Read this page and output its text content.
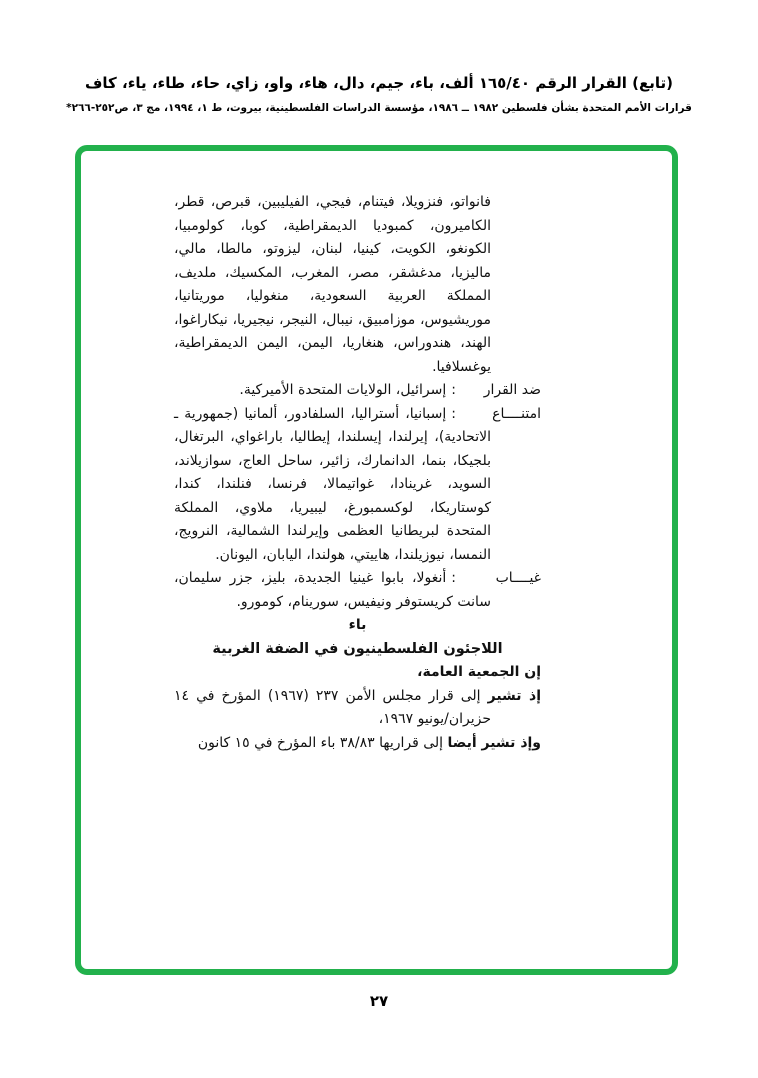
(تابع) القرار الرقم ١٦٥/٤٠ ألف، باء، جيم، دال، هاء، واو، زاي، حاء، طاء، ياء، كاف
قرارات الأمم المتحدة بشأن فلسطين ١٩٨٢ ــ ١٩٨٦، مؤسسة الدراسات الفلسطينية، بيروت، ط ١، ١٩٩٤، مج ٣، ص٢٥٢-٢٦٦*

فانواتو، فنزويلا، فيتنام، فيجي، الفيليبين، قبرص، قطر، الكاميرون، كمبوديا الديمقراطية، كوبا، كولومبيا، الكونغو، الكويت، كينيا، لبنان، ليزوتو، مالطا، مالي، ماليزيا، مدغشقر، مصر، المغرب، المكسيك، ملديف، المملكة العربية السعودية، منغوليا، موريتانيا، موريشيوس، موزامبيق، نيبال، النيجر، نيجيريا، نيكاراغوا، الهند، هندوراس، هنغاريا، اليمن، اليمن الديمقراطية، يوغسلافيا.

ضد القرار:إسرائيل، الولايات المتحدة الأميركية.

امتنــــاع:إسبانيا، أستراليا، السلفادور، ألمانيا (جمهورية ـ الاتحادية)، إيرلندا، إيسلندا، إيطاليا، باراغواي، البرتغال، بلجيكا، بنما، الدانمارك، زائير، ساحل العاج، سوازيلاند، السويد، غرينادا، غواتيمالا، فرنسا، فنلندا، كندا، كوستاريكا، لوكسمبورغ، ليبيريا، ملاوي، المملكة المتحدة لبريطانيا العظمى وإيرلندا الشمالية، النرويج، النمسا، نيوزيلندا، هاييتي، هولندا، اليابان، اليونان.

غيــــاب:أنغولا، بابوا غينيا الجديدة، بليز، جزر سليمان، سانت كريستوفر ونيفيس، سورينام، كومورو.

باء

اللاجئون الفلسطينيون في الضفة الغربية

إن الجمعية العامة،

إذ تشير إلى قرار مجلس الأمن ٢٣٧ (١٩٦٧) المؤرخ في ١٤ حزيران/يونيو ١٩٦٧،

وإذ تشير أيضا إلى قراريها ٣٨/٨٣ باء المؤرخ في ١٥ كانون

٢٧
